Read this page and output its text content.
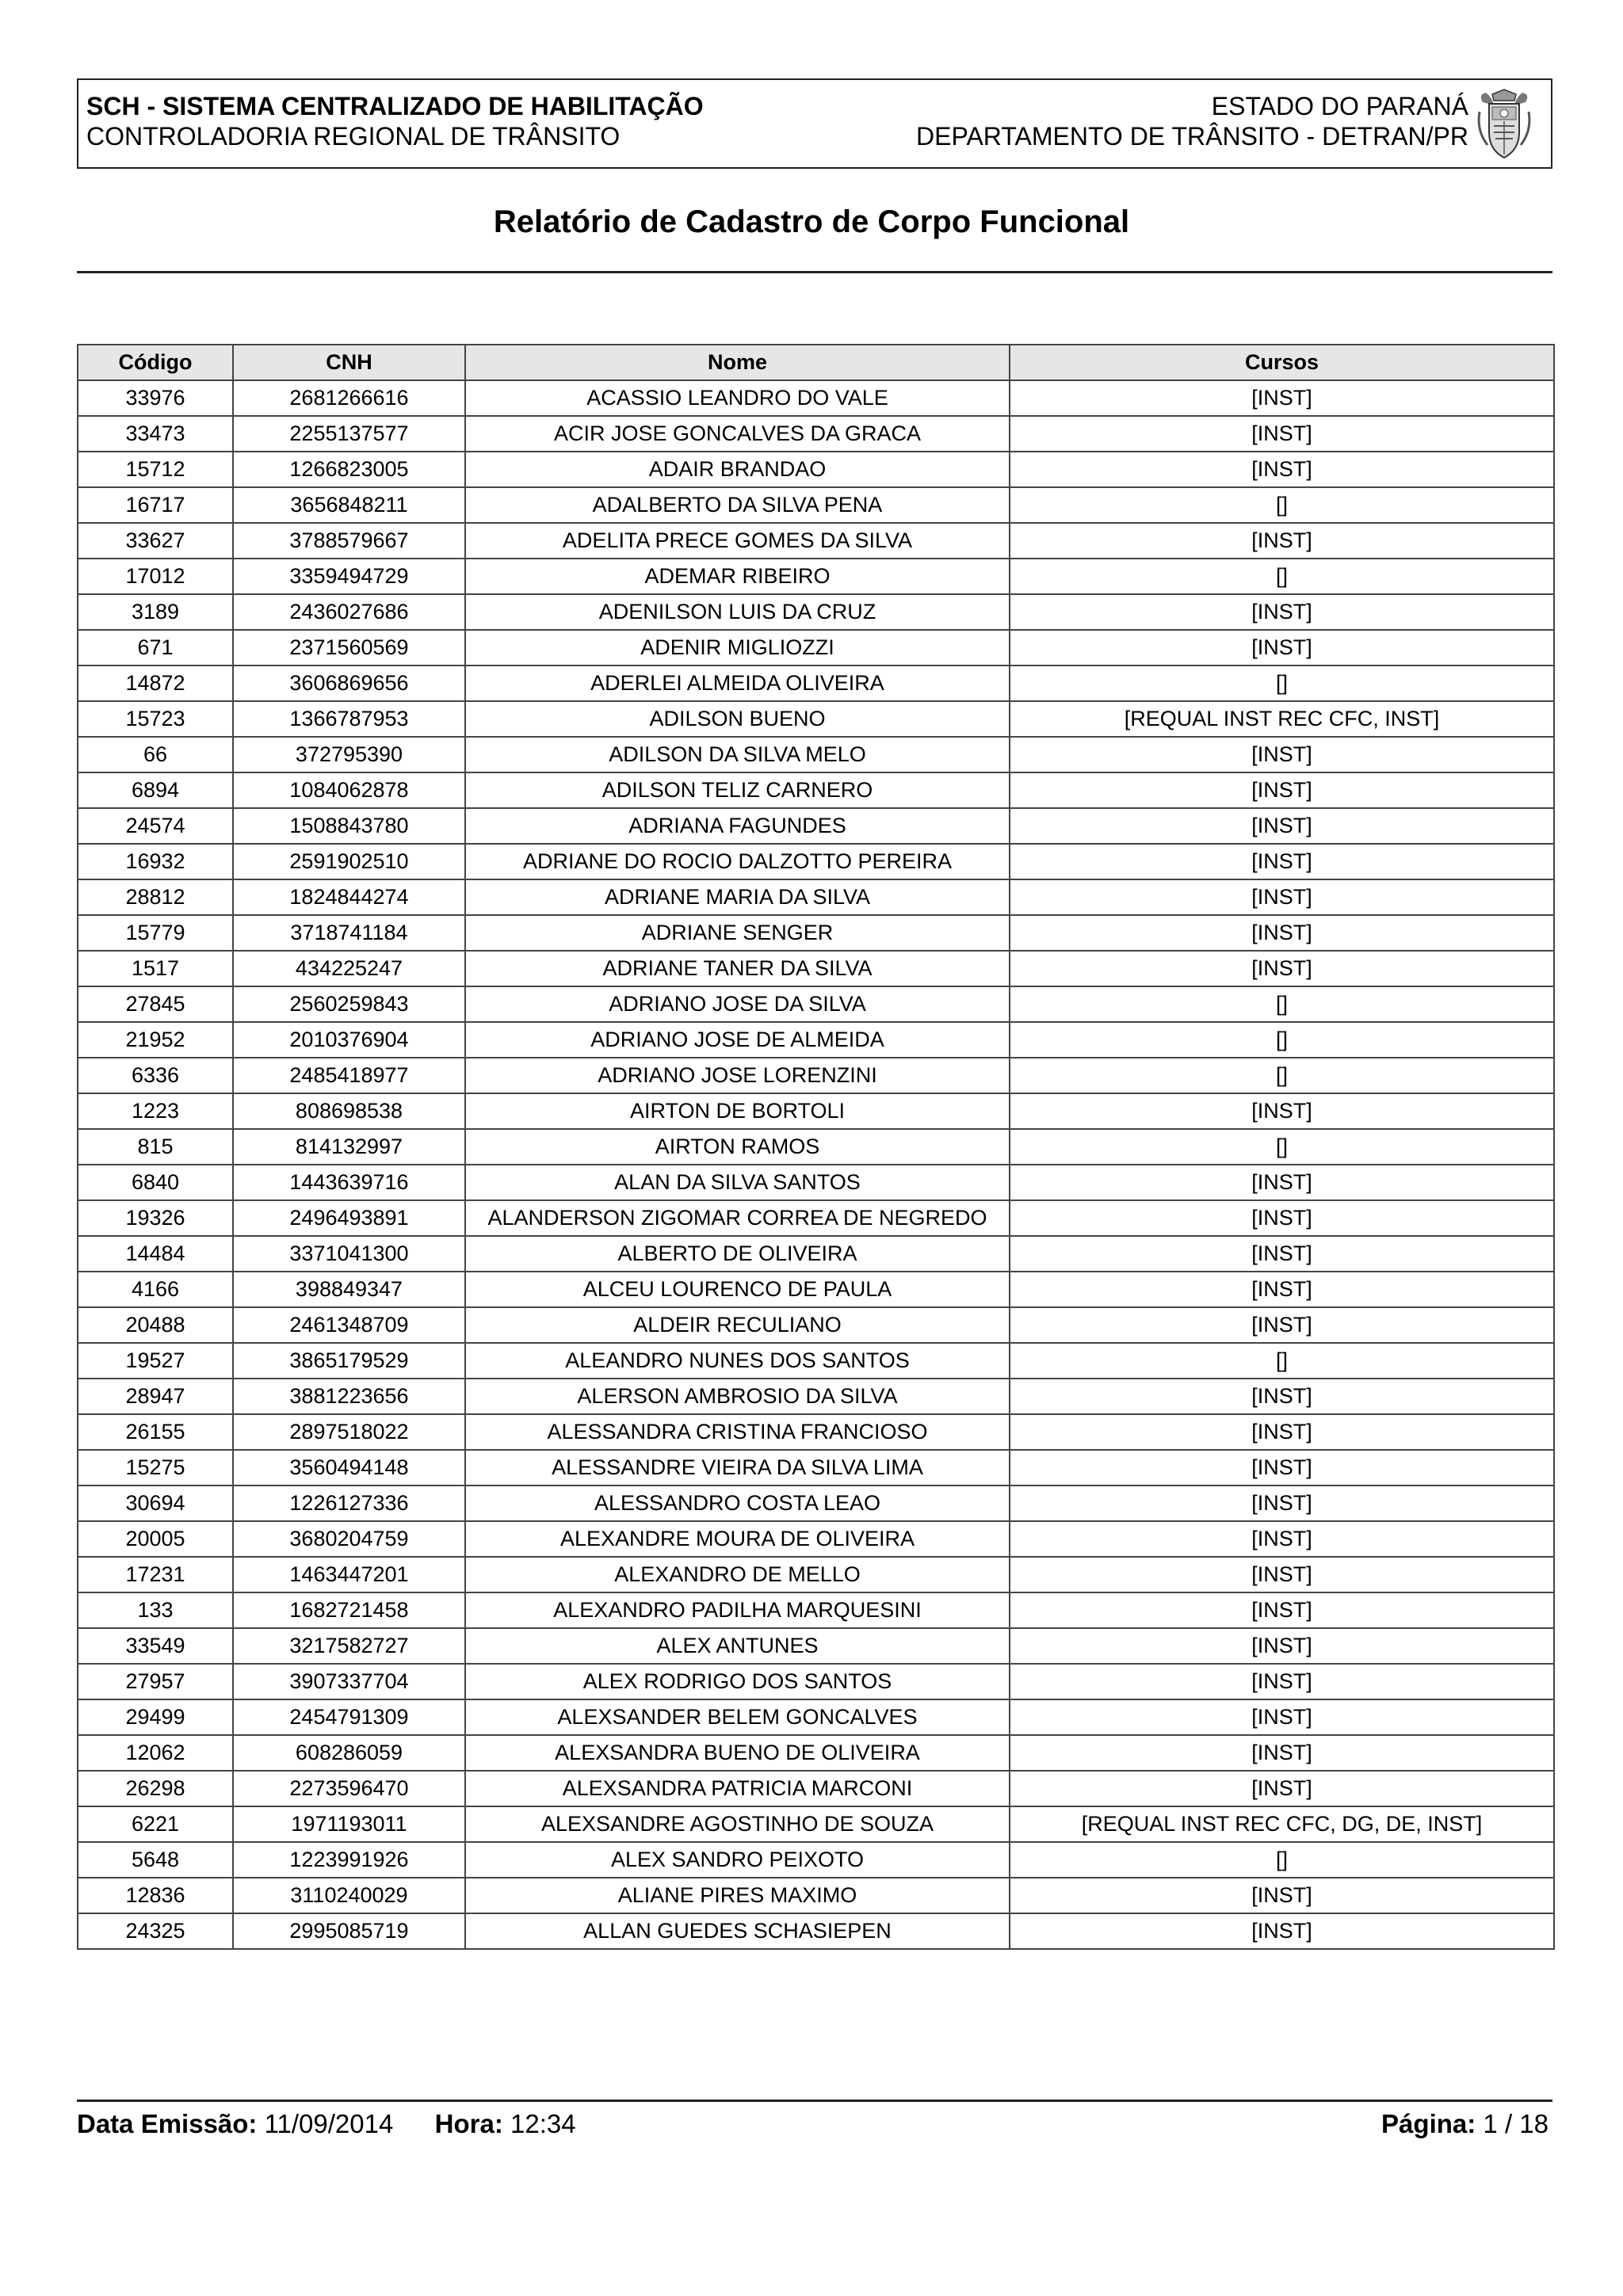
SCH - SISTEMA CENTRALIZADO DE HABILITAÇÃO
CONTROLADORIA REGIONAL DE TRÂNSITO
ESTADO DO PARANÁ
DEPARTAMENTO DE TRÂNSITO - DETRAN/PR
Relatório de Cadastro de Corpo Funcional
Código	CNH	Nome	Cursos
33976	2681266616	ACASSIO LEANDRO DO VALE	[INST]
33473	2255137577	ACIR JOSE GONCALVES DA GRACA	[INST]
15712	1266823005	ADAIR BRANDAO	[INST]
16717	3656848211	ADALBERTO DA SILVA PENA	[]
33627	3788579667	ADELITA PRECE GOMES DA SILVA	[INST]
17012	3359494729	ADEMAR RIBEIRO	[]
3189	2436027686	ADENILSON LUIS DA CRUZ	[INST]
671	2371560569	ADENIR MIGLIOZZI	[INST]
14872	3606869656	ADERLEI ALMEIDA OLIVEIRA	[]
15723	1366787953	ADILSON BUENO	[REQUAL INST REC CFC, INST]
66	372795390	ADILSON DA SILVA MELO	[INST]
6894	1084062878	ADILSON TELIZ CARNERO	[INST]
24574	1508843780	ADRIANA FAGUNDES	[INST]
16932	2591902510	ADRIANE DO ROCIO DALZOTTO PEREIRA	[INST]
28812	1824844274	ADRIANE MARIA DA SILVA	[INST]
15779	3718741184	ADRIANE SENGER	[INST]
1517	434225247	ADRIANE TANER DA SILVA	[INST]
27845	2560259843	ADRIANO JOSE DA SILVA	[]
21952	2010376904	ADRIANO JOSE DE ALMEIDA	[]
6336	2485418977	ADRIANO JOSE LORENZINI	[]
1223	808698538	AIRTON DE BORTOLI	[INST]
815	814132997	AIRTON RAMOS	[]
6840	1443639716	ALAN DA SILVA SANTOS	[INST]
19326	2496493891	ALANDERSON ZIGOMAR CORREA DE NEGREDO	[INST]
14484	3371041300	ALBERTO DE OLIVEIRA	[INST]
4166	398849347	ALCEU LOURENCO DE PAULA	[INST]
20488	2461348709	ALDEIR RECULIANO	[INST]
19527	3865179529	ALEANDRO NUNES DOS SANTOS	[]
28947	3881223656	ALERSON AMBROSIO DA SILVA	[INST]
26155	2897518022	ALESSANDRA CRISTINA FRANCIOSO	[INST]
15275	3560494148	ALESSANDRE VIEIRA DA SILVA LIMA	[INST]
30694	1226127336	ALESSANDRO COSTA LEAO	[INST]
20005	3680204759	ALEXANDRE MOURA DE OLIVEIRA	[INST]
17231	1463447201	ALEXANDRO DE MELLO	[INST]
133	1682721458	ALEXANDRO PADILHA MARQUESINI	[INST]
33549	3217582727	ALEX ANTUNES	[INST]
27957	3907337704	ALEX RODRIGO DOS SANTOS	[INST]
29499	2454791309	ALEXSANDER BELEM GONCALVES	[INST]
12062	608286059	ALEXSANDRA BUENO DE OLIVEIRA	[INST]
26298	2273596470	ALEXSANDRA PATRICIA MARCONI	[INST]
6221	1971193011	ALEXSANDRE AGOSTINHO DE SOUZA	[REQUAL INST REC CFC, DG, DE, INST]
5648	1223991926	ALEX SANDRO PEIXOTO	[]
12836	3110240029	ALIANE PIRES MAXIMO	[INST]
24325	2995085719	ALLAN GUEDES SCHASIEPEN	[INST]
Data Emissão: 11/09/2014 Hora: 12:34	Página: 1 / 18
